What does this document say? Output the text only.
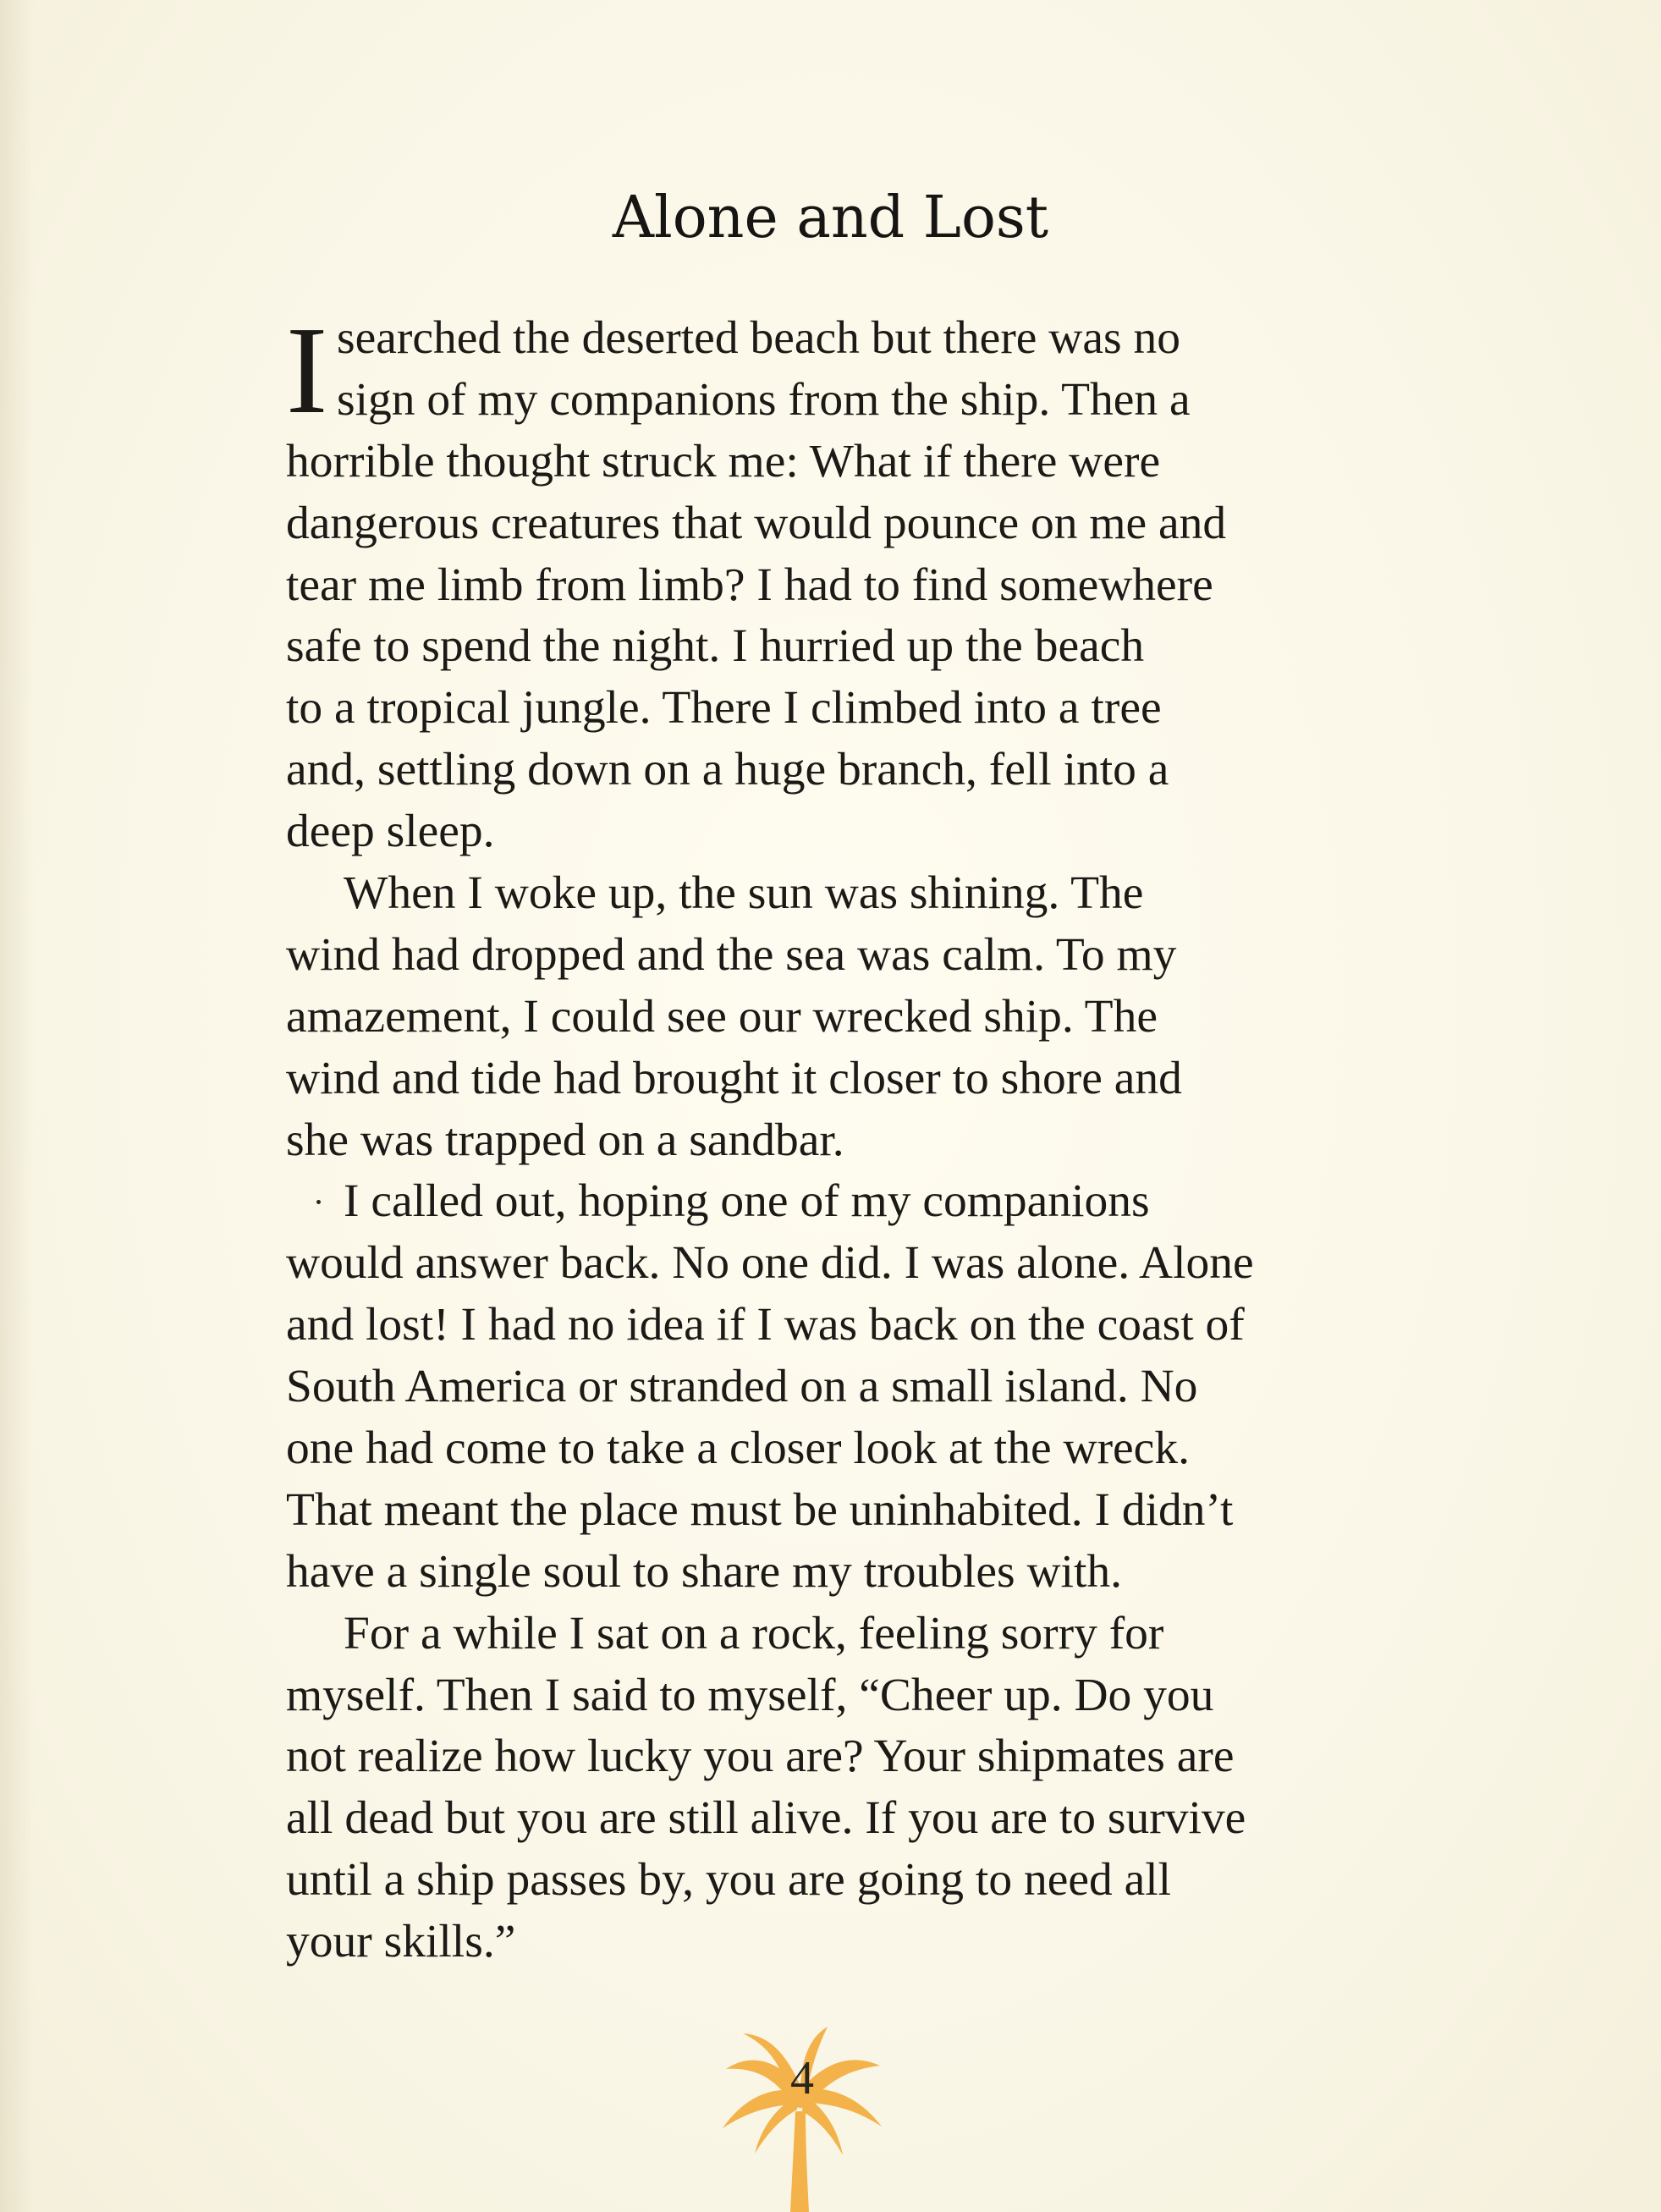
Alone and Lost
I searched the deserted beach but there was no
sign of my companions from the ship. Then a
horrible thought struck me: What if there were
dangerous creatures that would pounce on me and
tear me limb from limb? I had to find somewhere
safe to spend the night. I hurried up the beach
to a tropical jungle. There I climbed into a tree
and, settling down on a huge branch, fell into a
deep sleep.
When I woke up, the sun was shining. The
wind had dropped and the sea was calm. To my
amazement, I could see our wrecked ship. The
wind and tide had brought it closer to shore and
she was trapped on a sandbar.
I called out, hoping one of my companions
would answer back. No one did. I was alone. Alone
and lost! I had no idea if I was back on the coast of
South America or stranded on a small island. No
one had come to take a closer look at the wreck.
That meant the place must be uninhabited. I didn’t
have a single soul to share my troubles with.
For a while I sat on a rock, feeling sorry for
myself. Then I said to myself, “Cheer up. Do you
not realize how lucky you are? Your shipmates are
all dead but you are still alive. If you are to survive
until a ship passes by, you are going to need all
your skills.”
4
